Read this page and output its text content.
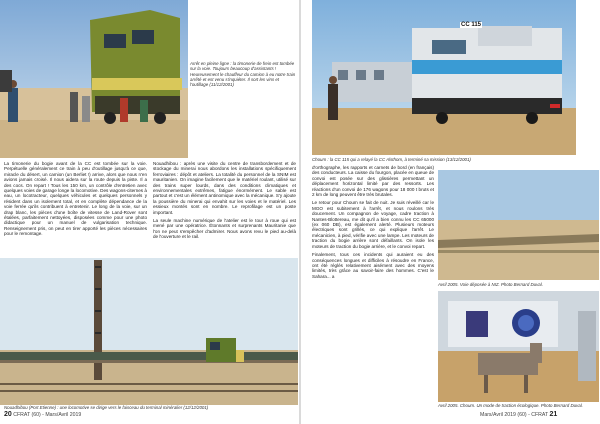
Arrêt en pleine ligne : la timonerie de frein est tombée sur la voie. Toujours beaucoup d'assistants ! Heureusement le chauffeur du camion à eu notre train arrêté et est venu s'inquiéter. Il sort les vins et l'outillage (11/12/2001)

La timonerie du bogie avant de la CC est tombée sur la voie. Perpétuelle généralement ce train à peu d'outillage jusqu'à ce que, miracle du désert, un camion (un Berliet !) arrive, alors que nous n'en avions jamais croisé. Il nous aidera sur la route depuis la piste. Il a des cocs. On repart ! Tous les 150 km, un contrôle d'entretien avec quelques voies de garage longe la locomotive. Des wagons-citernes à eau, un locotracteur, quelques véhicules et quelques personnels y résident dans un isolement total, et en complète dépendance de la voie ferrée qu'ils contribuent à entretenir. Le long de la voie, sur un drap blanc, les pièces d'une boîte de vitesse de Land-Rover sont étalées, parfaitement nettoyées, disposées comme pour une photo didactique pour un manuel de vulgarisation technique. Renseignement pris, on peut en tirer apporté les pièces nécessaires pour le remontage.

Nouadhibou : après une visite du centre de transbordement et de stockage du minerai nous abordons les installations spécifiquement ferroviaires : dépôt et ateliers. La totalité du personnel de la SNIM est mauritanien. On imagine facilement que le matériel roulant, utilisé sur des trains super lourds, dans des conditions climatiques et environnementales extrêmes, fatigue énormément. Le sable est partout et c'est un élément antinomique avec la mécanique. S'y ajoute la poussière du minerai qui envahit sur les voies et le matériel. Les essieux montés sont en nombre. Le reprofilage est un poste important.

La seule machine numérique de l'atelier est le tour à roue qui est mené par une opératrice. Étonnants et surprenants Mauritanie que l'on ne peut s'empêcher d'admirer. Nous avons revu le pied au-delà de l'ouverture et le rail.

Nouadhibou (Port Etienne) : une locomotive se dirige vers le faisceau du terminal minéralier (12/12/2001)
20 CFRAT (60) - Mars/Avril 2019
CC 115
Choum : la CC 115 qui a relayé la CC Alsthom, à terminé sa mission (13/12/2001)

d'orthographe, les rapports et carnets de bord (en français) des conducteurs. La caisse du fourgon, placée en queue de convoi est posée sur des glissières permettant un déplacement horizontal limité par des ressorts. Les réactions d'un convoi de 176 wagons pour 18 000 t bruts et 2 km de long peuvent être très brutales.

Le retour pour Choum se fait de nuit. Je suis réveillé car le MGO est subitement à l'arrêt, et nous roulons très doucement. Un compagnon de voyage, cadre traction à Nantes-Blottereau, me dit qu'il a bien connu les CC 65000 (ex 060 DB), est également alerté. Plusieurs moteurs électriques sont grillés, ce qui explique l'arrêt. Le mécanicien, à pied, vérifie avec une lampe. Les moteurs de traction du bogie arrière sont défaillants. On isole les moteurs de traction du bogie arrière, et le convoi repart.

Finalement, tous ces incidents qui auraient eu des conséquences longues et difficiles à résoudre en France, ont été réglés relativement aisément avec des moyens limités, très grâce au savoir-faire des hommes. C'est le Sahara... a

Avril 2005. Voie déposée à NIZ. Photo Bernard Duval.
Avril 2005. Choum. Un mode de traction écologique. Photo Bernard Duval.
Mars/Avril 2019 (60) - CFRAT 21
